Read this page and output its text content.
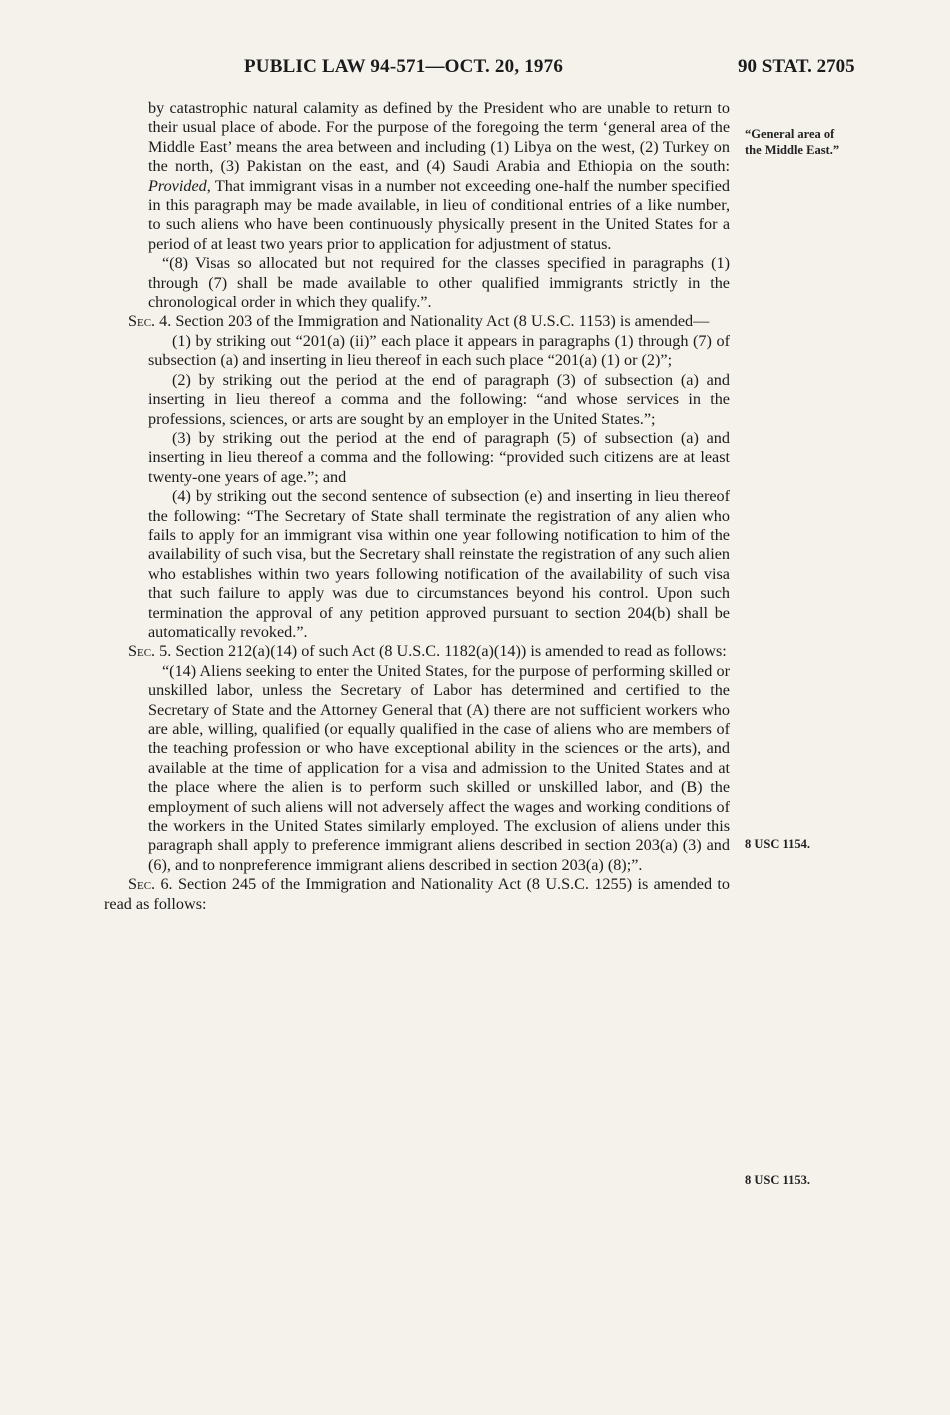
PUBLIC LAW 94-571—OCT. 20, 1976	90 STAT. 2705
“General area of
the Middle East.”
8 USC 1154.
8 USC 1153.

by catastrophic natural calamity as defined by the President who are unable to return to their usual place of abode. For the purpose of the foregoing the term ‘general area of the Middle East’ means the area between and including (1) Libya on the west, (2) Turkey on the north, (3) Pakistan on the east, and (4) Saudi Arabia and Ethiopia on the south: Provided, That immigrant visas in a number not exceeding one-half the number specified in this paragraph may be made available, in lieu of conditional entries of a like number, to such aliens who have been continuously physically present in the United States for a period of at least two years prior to application for adjustment of status.

“(8) Visas so allocated but not required for the classes specified in paragraphs (1) through (7) shall be made available to other qualified immigrants strictly in the chronological order in which they qualify.”.

Sec. 4. Section 203 of the Immigration and Nationality Act (8 U.S.C. 1153) is amended—

(1) by striking out “201(a) (ii)” each place it appears in paragraphs (1) through (7) of subsection (a) and inserting in lieu thereof in each such place “201(a) (1) or (2)”;

(2) by striking out the period at the end of paragraph (3) of subsection (a) and inserting in lieu thereof a comma and the following: “and whose services in the professions, sciences, or arts are sought by an employer in the United States.”;

(3) by striking out the period at the end of paragraph (5) of subsection (a) and inserting in lieu thereof a comma and the following: “provided such citizens are at least twenty-one years of age.”; and

(4) by striking out the second sentence of subsection (e) and inserting in lieu thereof the following: “The Secretary of State shall terminate the registration of any alien who fails to apply for an immigrant visa within one year following notification to him of the availability of such visa, but the Secretary shall reinstate the registration of any such alien who establishes within two years following notification of the availability of such visa that such failure to apply was due to circumstances beyond his control. Upon such termination the approval of any petition approved pursuant to section 204(b) shall be automatically revoked.”.

Sec. 5. Section 212(a)(14) of such Act (8 U.S.C. 1182(a)(14)) is amended to read as follows:

“(14) Aliens seeking to enter the United States, for the purpose of performing skilled or unskilled labor, unless the Secretary of Labor has determined and certified to the Secretary of State and the Attorney General that (A) there are not sufficient workers who are able, willing, qualified (or equally qualified in the case of aliens who are members of the teaching profession or who have exceptional ability in the sciences or the arts), and available at the time of application for a visa and admission to the United States and at the place where the alien is to perform such skilled or unskilled labor, and (B) the employment of such aliens will not adversely affect the wages and working conditions of the workers in the United States similarly employed. The exclusion of aliens under this paragraph shall apply to preference immigrant aliens described in section 203(a) (3) and (6), and to nonpreference immigrant aliens described in section 203(a) (8);”.

Sec. 6. Section 245 of the Immigration and Nationality Act (8 U.S.C. 1255) is amended to read as follows:
